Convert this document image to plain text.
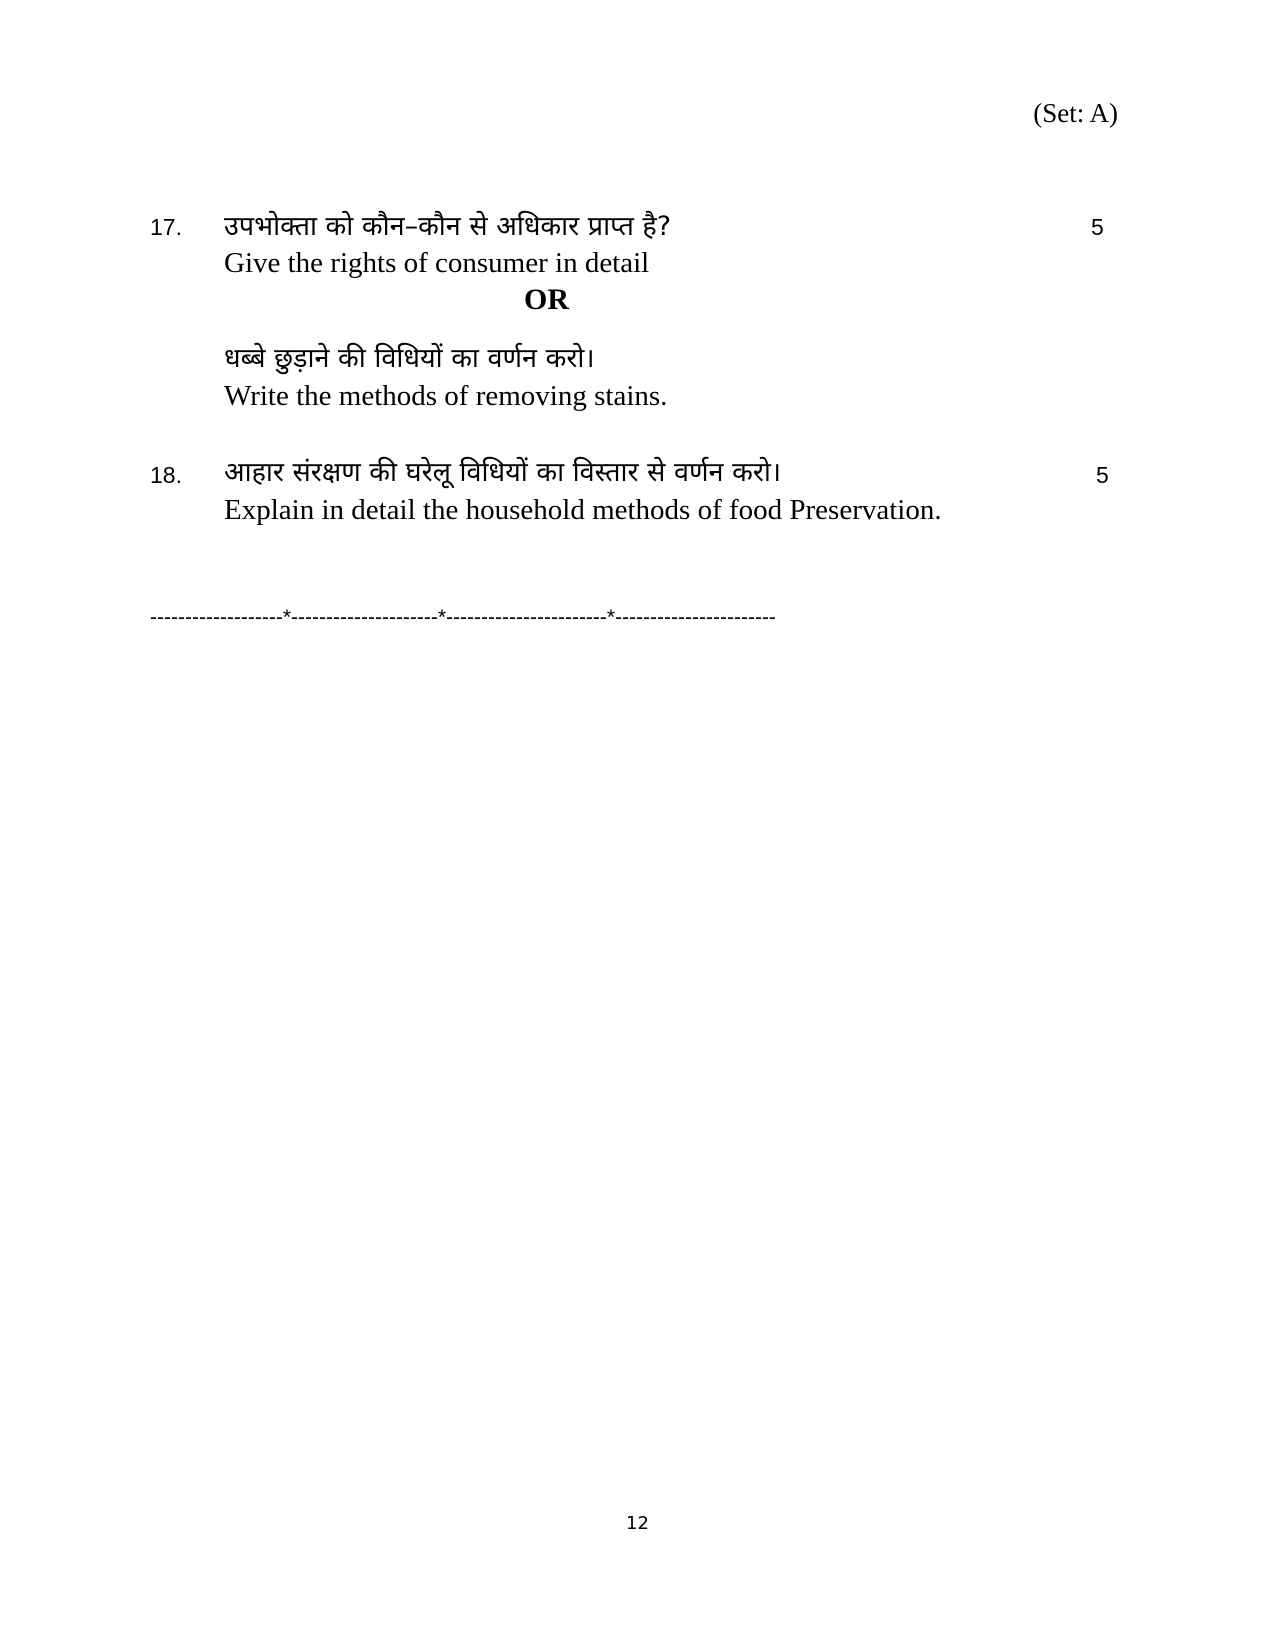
(Set: A)
17. उपभोक्ता को कौन–कौन से अधिकार प्राप्त है?	5
Give the rights of consumer in detail
OR
धब्बे छुड़ाने की विधियों का वर्णन करो।
Write the methods of removing stains.
18. आहार संरक्षण की घरेलू विधियों का विस्तार से वर्णन करो।	5
Explain in detail the household methods of food Preservation.
-------------------*---------------------*-----------------------*-----------------------
12
